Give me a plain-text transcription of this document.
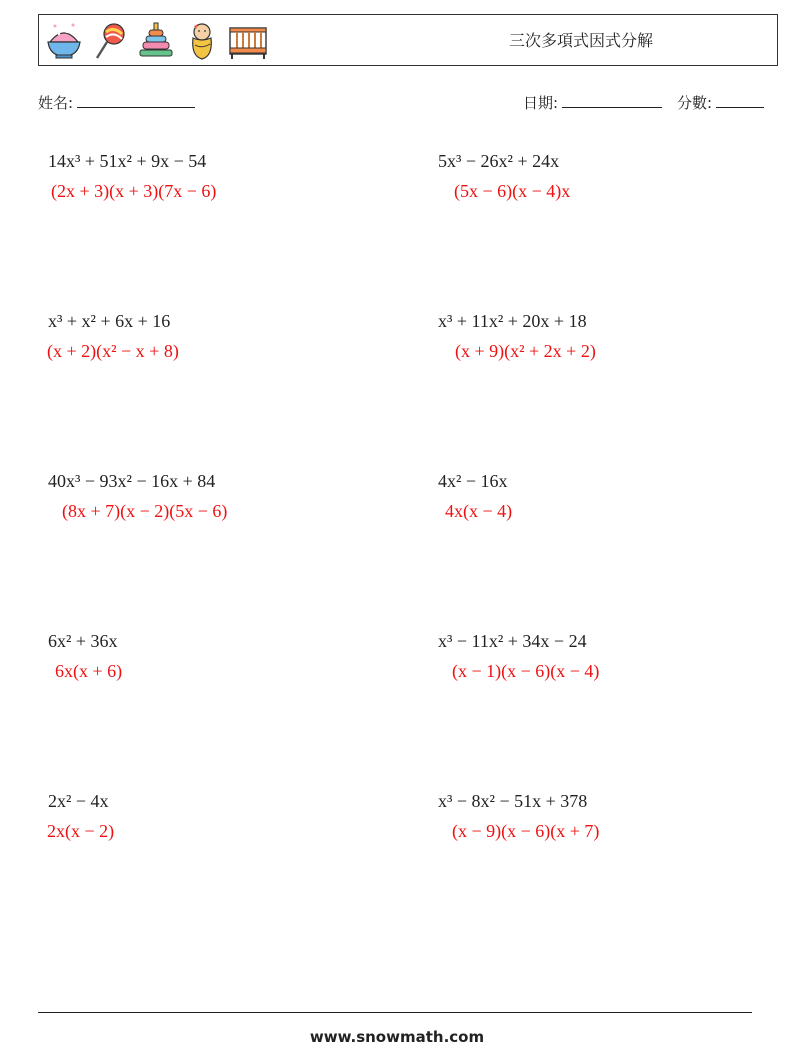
三次多項式因式分解
姓名:	日期:	分數:
14x³ + 51x² + 9x − 54
(2x + 3)(x + 3)(7x − 6)
5x³ − 26x² + 24x
(5x − 6)(x − 4)x
x³ + x² + 6x + 16
(x + 2)(x² − x + 8)
x³ + 11x² + 20x + 18
(x + 9)(x² + 2x + 2)
40x³ − 93x² − 16x + 84
(8x + 7)(x − 2)(5x − 6)
4x² − 16x
4x(x − 4)
6x² + 36x
6x(x + 6)
x³ − 11x² + 34x − 24
(x − 1)(x − 6)(x − 4)
2x² − 4x
2x(x − 2)
x³ − 8x² − 51x + 378
(x − 9)(x − 6)(x + 7)
www.snowmath.com
